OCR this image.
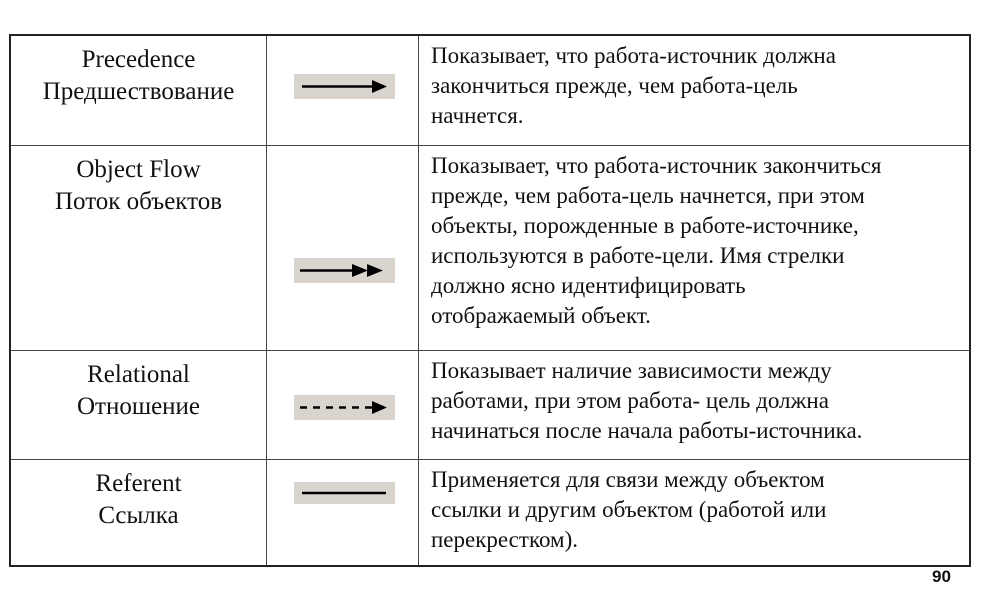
Precedence
Предшествование
Показывает, что работа-источник должна
закончиться прежде, чем работа-цель
начнется.
Object Flow
Поток объектов
Показывает, что работа-источник закончиться
прежде, чем работа-цель начнется, при этом
объекты, порожденные в работе-источнике,
используются в работе-цели. Имя стрелки
должно ясно идентифицировать
отображаемый объект.
Relational
Отношение
Показывает наличие зависимости между
работами, при этом работа- цель должна
начинаться после начала работы-источника.
Referent
Ссылка
Применяется для связи между объектом
ссылки и другим объектом (работой или
перекрестком).
90
